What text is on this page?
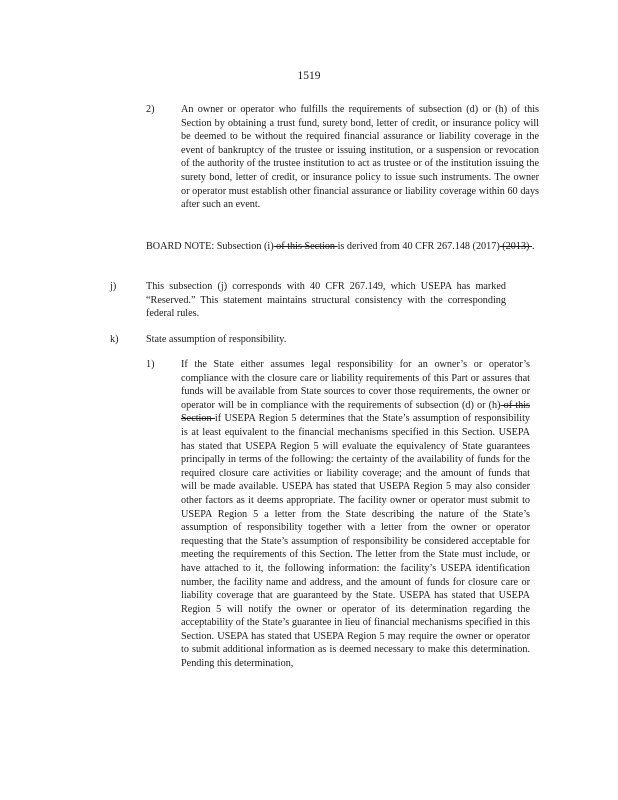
1519
2)	An owner or operator who fulfills the requirements of subsection (d) or (h) of this Section by obtaining a trust fund, surety bond, letter of credit, or insurance policy will be deemed to be without the required financial assurance or liability coverage in the event of bankruptcy of the trustee or issuing institution, or a suspension or revocation of the authority of the trustee institution to act as trustee or of the institution issuing the surety bond, letter of credit, or insurance policy to issue such instruments. The owner or operator must establish other financial assurance or liability coverage within 60 days after such an event.

BOARD NOTE: Subsection (i) of this Section is derived from 40 CFR 267.148 (2017) (2013) .

j)	This subsection (j) corresponds with 40 CFR 267.149, which USEPA has marked “Reserved.” This statement maintains structural consistency with the corresponding federal rules.

k)	State assumption of responsibility.
1)	If the State either assumes legal responsibility for an owner’s or operator’s compliance with the closure care or liability requirements of this Part or assures that funds will be available from State sources to cover those requirements, the owner or operator will be in compliance with the requirements of subsection (d) or (h) of this Section if USEPA Region 5 determines that the State’s assumption of responsibility is at least equivalent to the financial mechanisms specified in this Section. USEPA has stated that USEPA Region 5 will evaluate the equivalency of State guarantees principally in terms of the following: the certainty of the availability of funds for the required closure care activities or liability coverage; and the amount of funds that will be made available. USEPA has stated that USEPA Region 5 may also consider other factors as it deems appropriate. The facility owner or operator must submit to USEPA Region 5 a letter from the State describing the nature of the State’s assumption of responsibility together with a letter from the owner or operator requesting that the State’s assumption of responsibility be considered acceptable for meeting the requirements of this Section. The letter from the State must include, or have attached to it, the following information: the facility’s USEPA identification number, the facility name and address, and the amount of funds for closure care or liability coverage that are guaranteed by the State. USEPA has stated that USEPA Region 5 will notify the owner or operator of its determination regarding the acceptability of the State’s guarantee in lieu of financial mechanisms specified in this Section. USEPA has stated that USEPA Region 5 may require the owner or operator to submit additional information as is deemed necessary to make this determination. Pending this determination,
